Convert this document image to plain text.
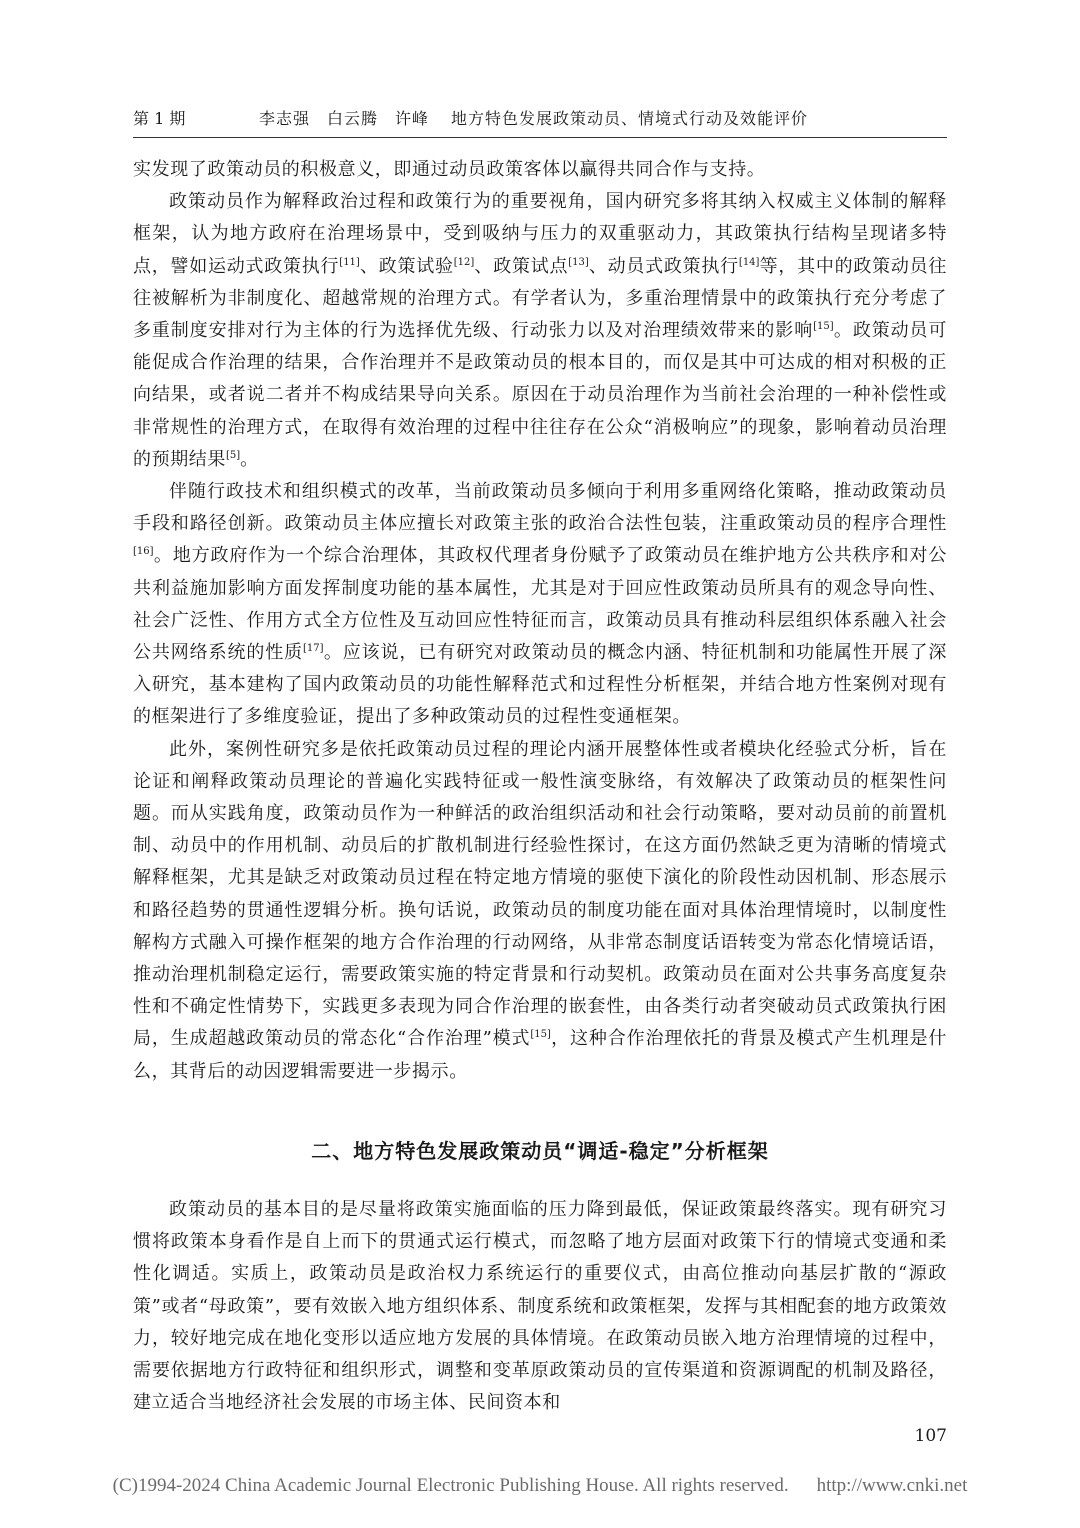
第 1 期	李志强　白云腾　许峰 地方特色发展政策动员、情境式行动及效能评价

实发现了政策动员的积极意义，即通过动员政策客体以赢得共同合作与支持。

政策动员作为解释政治过程和政策行为的重要视角，国内研究多将其纳入权威主义体制的解释框架，认为地方政府在治理场景中，受到吸纳与压力的双重驱动力，其政策执行结构呈现诸多特点，譬如运动式政策执行[11]、政策试验[12]、政策试点[13]、动员式政策执行[14]等，其中的政策动员往往被解析为非制度化、超越常规的治理方式。有学者认为，多重治理情景中的政策执行充分考虑了多重制度安排对行为主体的行为选择优先级、行动张力以及对治理绩效带来的影响[15]。政策动员可能促成合作治理的结果，合作治理并不是政策动员的根本目的，而仅是其中可达成的相对积极的正向结果，或者说二者并不构成结果导向关系。原因在于动员治理作为当前社会治理的一种补偿性或非常规性的治理方式，在取得有效治理的过程中往往存在公众“消极响应”的现象，影响着动员治理的预期结果[5]。

伴随行政技术和组织模式的改革，当前政策动员多倾向于利用多重网络化策略，推动政策动员手段和路径创新。政策动员主体应擅长对政策主张的政治合法性包装，注重政策动员的程序合理性[16]。地方政府作为一个综合治理体，其政权代理者身份赋予了政策动员在维护地方公共秩序和对公共利益施加影响方面发挥制度功能的基本属性，尤其是对于回应性政策动员所具有的观念导向性、社会广泛性、作用方式全方位性及互动回应性特征而言，政策动员具有推动科层组织体系融入社会公共网络系统的性质[17]。应该说，已有研究对政策动员的概念内涵、特征机制和功能属性开展了深入研究，基本建构了国内政策动员的功能性解释范式和过程性分析框架，并结合地方性案例对现有的框架进行了多维度验证，提出了多种政策动员的过程性变通框架。

此外，案例性研究多是依托政策动员过程的理论内涵开展整体性或者模块化经验式分析，旨在论证和阐释政策动员理论的普遍化实践特征或一般性演变脉络，有效解决了政策动员的框架性问题。而从实践角度，政策动员作为一种鲜活的政治组织活动和社会行动策略，要对动员前的前置机制、动员中的作用机制、动员后的扩散机制进行经验性探讨，在这方面仍然缺乏更为清晰的情境式解释框架，尤其是缺乏对政策动员过程在特定地方情境的驱使下演化的阶段性动因机制、形态展示和路径趋势的贯通性逻辑分析。换句话说，政策动员的制度功能在面对具体治理情境时，以制度性解构方式融入可操作框架的地方合作治理的行动网络，从非常态制度话语转变为常态化情境话语，推动治理机制稳定运行，需要政策实施的特定背景和行动契机。政策动员在面对公共事务高度复杂性和不确定性情势下，实践更多表现为同合作治理的嵌套性，由各类行动者突破动员式政策执行困局，生成超越政策动员的常态化“合作治理”模式[15]，这种合作治理依托的背景及模式产生机理是什么，其背后的动因逻辑需要进一步揭示。

二、地方特色发展政策动员“调适-稳定”分析框架

政策动员的基本目的是尽量将政策实施面临的压力降到最低，保证政策最终落实。现有研究习惯将政策本身看作是自上而下的贯通式运行模式，而忽略了地方层面对政策下行的情境式变通和柔性化调适。实质上，政策动员是政治权力系统运行的重要仪式，由高位推动向基层扩散的“源政策”或者“母政策”，要有效嵌入地方组织体系、制度系统和政策框架，发挥与其相配套的地方政策效力，较好地完成在地化变形以适应地方发展的具体情境。在政策动员嵌入地方治理情境的过程中，需要依据地方行政特征和组织形式，调整和变革原政策动员的宣传渠道和资源调配的机制及路径，建立适合当地经济社会发展的市场主体、民间资本和

107
(C)1994-2024 China Academic Journal Electronic Publishing House. All rights reserved. http://www.cnki.net
